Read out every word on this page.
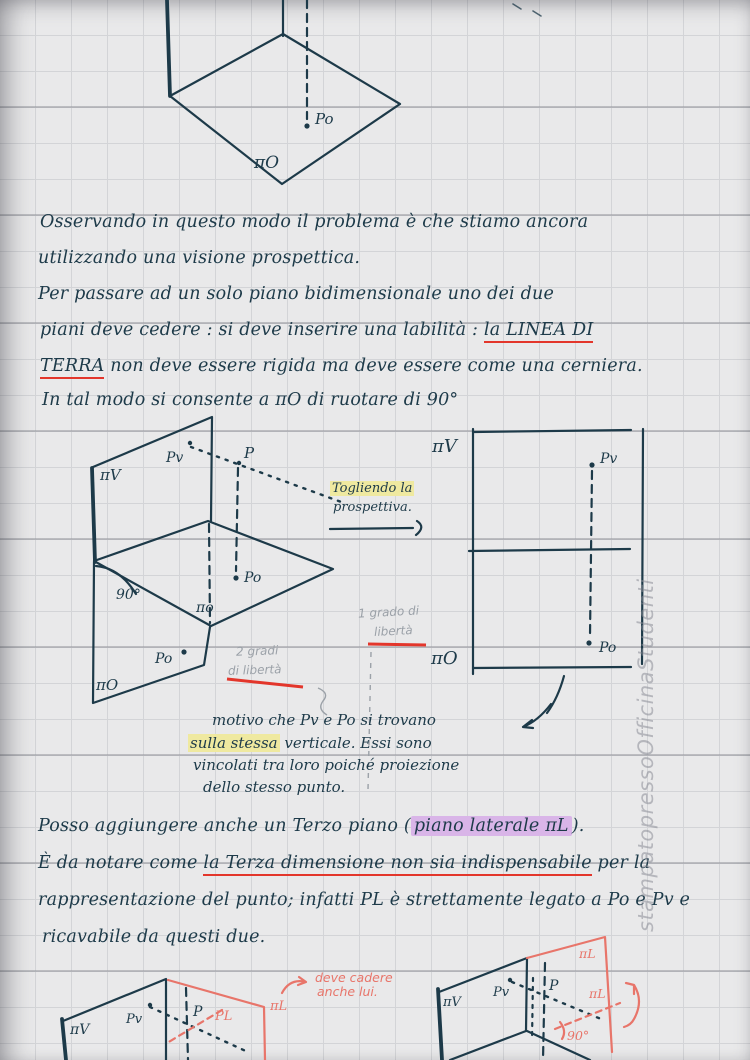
πO
Po
πV
Pv	P
Po
90°
πo
Po
πO
πV
Pv
Po
πO
πV
Pv	P PL
πL	πV
Pv	P
πL
πL
90°
Osservando in questo modo il problema è che stiamo ancora
utilizzando una visione prospettica.
Per passare ad un solo piano bidimensionale uno dei due
piani deve cedere : si deve inserire una labilità : la LINEA DI
TERRA non deve essere rigida ma deve essere come una cerniera.
In tal modo si consente a πO di ruotare di 90°
Togliendo la
prospettiva.
2 gradi
di libertà
1 grado di
libertà
motivo che Pv e Po si trovano
sulla stessa verticale. Essi sono
vincolati tra loro poiché proiezione
dello stesso punto.
Posso aggiungere anche un Terzo piano ( piano laterale πL ).
È da notare come la Terza dimensione non sia indispensabile per la
rappresentazione del punto; infatti PL è strettamente legato a Po e Pv e
ricavabile da questi due.
deve cadere
anche lui.
stampatopressoOfficinaStudenti
